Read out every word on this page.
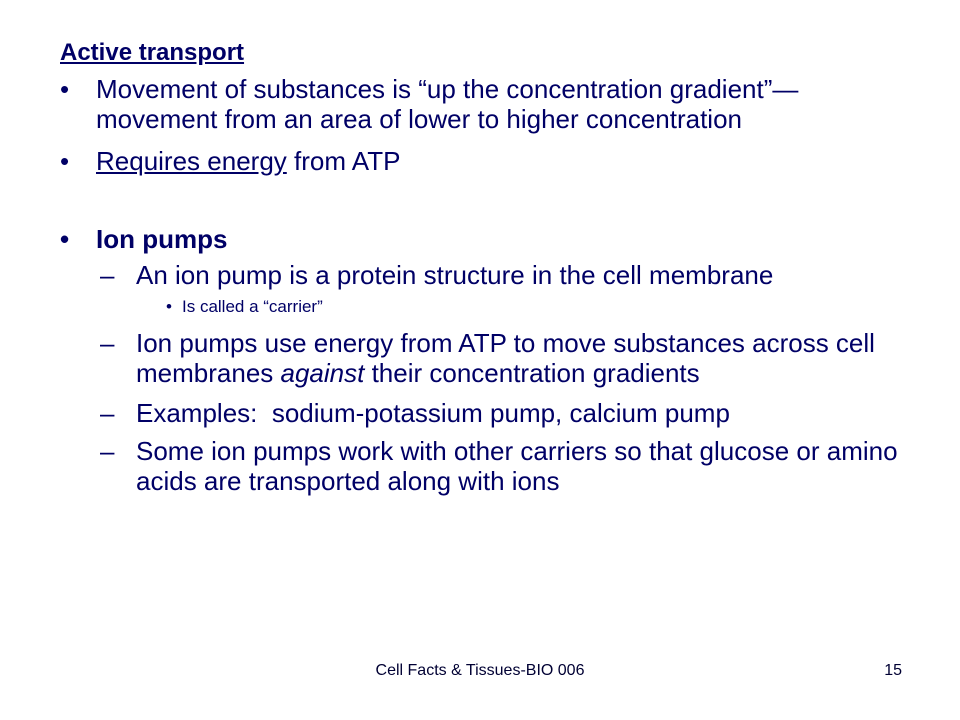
Active transport
• Movement of substances is “up the concentration gradient”— movement from an area of lower to higher concentration
• Requires energy from ATP
• Ion pumps
– An ion pump is a protein structure in the cell membrane
• Is called a “carrier”
– Ion pumps use energy from ATP to move substances across cell membranes against their concentration gradients
– Examples:  sodium-potassium pump, calcium pump
– Some ion pumps work with other carriers so that glucose or amino acids are transported along with ions
Cell Facts & Tissues-BIO 006	15
